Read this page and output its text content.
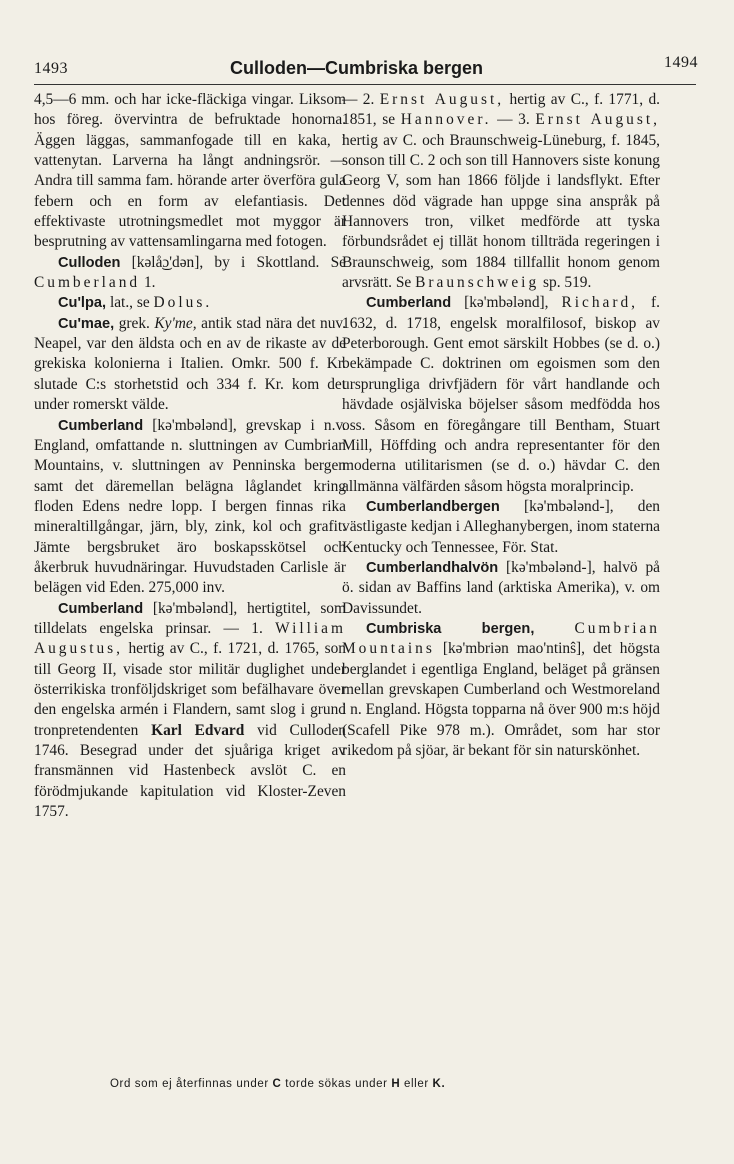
1493	Culloden—Cumbriska bergen	1494

4,5—6 mm. och har icke-fläckiga vingar. Liksom hos föreg. övervintra de befruktade honorna. Äggen läggas, sammanfogade till en kaka, i vattenytan. Larverna ha långt andningsrör. — Andra till samma fam. hörande arter överföra gula febern och en form av elefantiasis. Det effektivaste utrotningsmedlet mot myggor är besprutning av vattensamlingarna med fotogen.

Culloden [kəlå͜ɔ'dən], by i Skottland. Se Cumberland 1.

Cu'lpa, lat., se Dolus.

Cu'mae, grek. Ky'me, antik stad nära det nuv. Neapel, var den äldsta och en av de rikaste av de grekiska kolonierna i Italien. Omkr. 500 f. Kr. slutade C:s storhetstid och 334 f. Kr. kom det under romerskt välde.

Cumberland [kə'mbələnd], grevskap i n.v. England, omfattande n. sluttningen av Cumbrian Mountains, v. sluttningen av Penninska bergen samt det däremellan belägna låglandet kring floden Edens nedre lopp. I bergen finnas rika mineraltillgångar, järn, bly, zink, kol och grafit. Jämte bergsbruket äro boskapsskötsel och åkerbruk huvudnäringar. Huvudstaden Carlisle är belägen vid Eden. 275,000 inv.

Cumberland [kə'mbələnd], hertigtitel, som tilldelats engelska prinsar. — 1. William Augustus, hertig av C., f. 1721, d. 1765, son till Georg II, visade stor militär duglighet under österrikiska tronföljdskriget som befälhavare över den engelska armén i Flandern, samt slog i grund tronpretendenten Karl Edvard vid Culloden 1746. Besegrad under det sjuåriga kriget av fransmännen vid Hastenbeck avslöt C. en förödmjukande kapitulation vid Kloster-Zeven 1757.

— 2. Ernst August, hertig av C., f. 1771, d. 1851, se Hannover. — 3. Ernst August, hertig av C. och Braunschweig-Lüneburg, f. 1845, sonson till C. 2 och son till Hannovers siste konung Georg V, som han 1866 följde i landsflykt. Efter dennes död vägrade han uppge sina anspråk på Hannovers tron, vilket medförde att tyska förbundsrådet ej tillät honom tillträda regeringen i Braunschweig, som 1884 tillfallit honom genom arvsrätt. Se Braunschweig sp. 519.

Cumberland [kə'mbələnd], Richard, f. 1632, d. 1718, engelsk moralfilosof, biskop av Peterborough. Gent emot särskilt Hobbes (se d. o.) bekämpade C. doktrinen om egoismen som den ursprungliga drivfjädern för vårt handlande och hävdade osjälviska böjelser såsom medfödda hos oss. Såsom en föregångare till Bentham, Stuart Mill, Höffding och andra representanter för den moderna utilitarismen (se d. o.) hävdar C. den allmänna välfärden såsom högsta moralprincip.

Cumberlandbergen [kə'mbələnd-], den västligaste kedjan i Alleghanybergen, inom staterna Kentucky och Tennessee, För. Stat.

Cumberlandhalvön [kə'mbələnd-], halvö på ö. sidan av Baffins land (arktiska Amerika), v. om Davissundet.

Cumbriska bergen,	Cumbrian Mountains [kə'mbriən mao'ntinŝ], det högsta berglandet i egentliga England, beläget på gränsen mellan grevskapen Cumberland och Westmoreland i n. England. Högsta topparna nå över 900 m:s höjd (Scafell Pike 978 m.). Området, som har stor rikedom på sjöar, är bekant för sin naturskönhet.

Ord som ej återfinnas under C torde sökas under H eller K.
